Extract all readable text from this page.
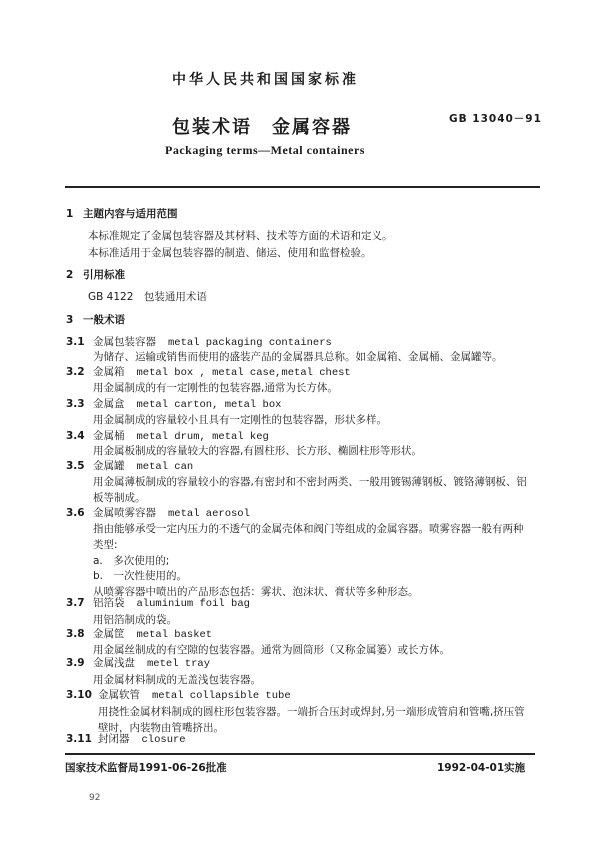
中华人民共和国国家标准
包装术语　金属容器	GB 13040－91
Packaging terms—Metal containers
1 主题内容与适用范围
本标准规定了金属包装容器及其材料、技术等方面的术语和定义。
本标准适用于金属包装容器的制造、储运、使用和监督检验。
2 引用标准
GB 4122　包装通用术语
3 一般术语
3.1 金属包装容器 metal packaging containers
为储存、运输或销售而使用的盛装产品的金属器具总称。如金属箱、金属桶、金属罐等。
3.2 金属箱 metal box , metal case,metal chest
用金属制成的有一定刚性的包装容器,通常为长方体。
3.3 金属盒 metal carton, metal box
用金属制成的容量较小且具有一定刚性的包装容器，形状多样。
3.4 金属桶 metal drum, metal keg
用金属板制成的容量较大的容器,有圆柱形、长方形、椭圆柱形等形状。
3.5 金属罐 metal can
用金属薄板制成的容量较小的容器,有密封和不密封两类、一般用镀锡薄钢板、镀铬薄钢板、铝
板等制成。
3.6 金属喷雾容器 metal aerosol
指由能够承受一定内压力的不透气的金属壳体和阀门等组成的金属容器。喷雾容器一般有两种
类型:
a.　多次使用的;
b.　一次性使用的。
从喷雾容器中喷出的产品形态包括：雾状、泡沫状、膏状等多种形态。
3.7 铝箔袋 aluminium foil bag
用铝箔制成的袋。
3.8 金属筐 metal basket
用金属丝制成的有空隙的包装容器。通常为圆筒形（又称金属篓）或长方体。
3.9 金属浅盘 metel tray
用金属材料制成的无盖浅包装容器。
3.10 金属软管 metal collapsible tube
用挠性金属材料制成的圆柱形包装容器。一端折合压封或焊封,另一端形成管肩和管嘴,挤压管
壁时，内装物由管嘴挤出。
3.11 封闭器 closure
国家技术监督局1991-06-26批准	1992-04-01实施
92
